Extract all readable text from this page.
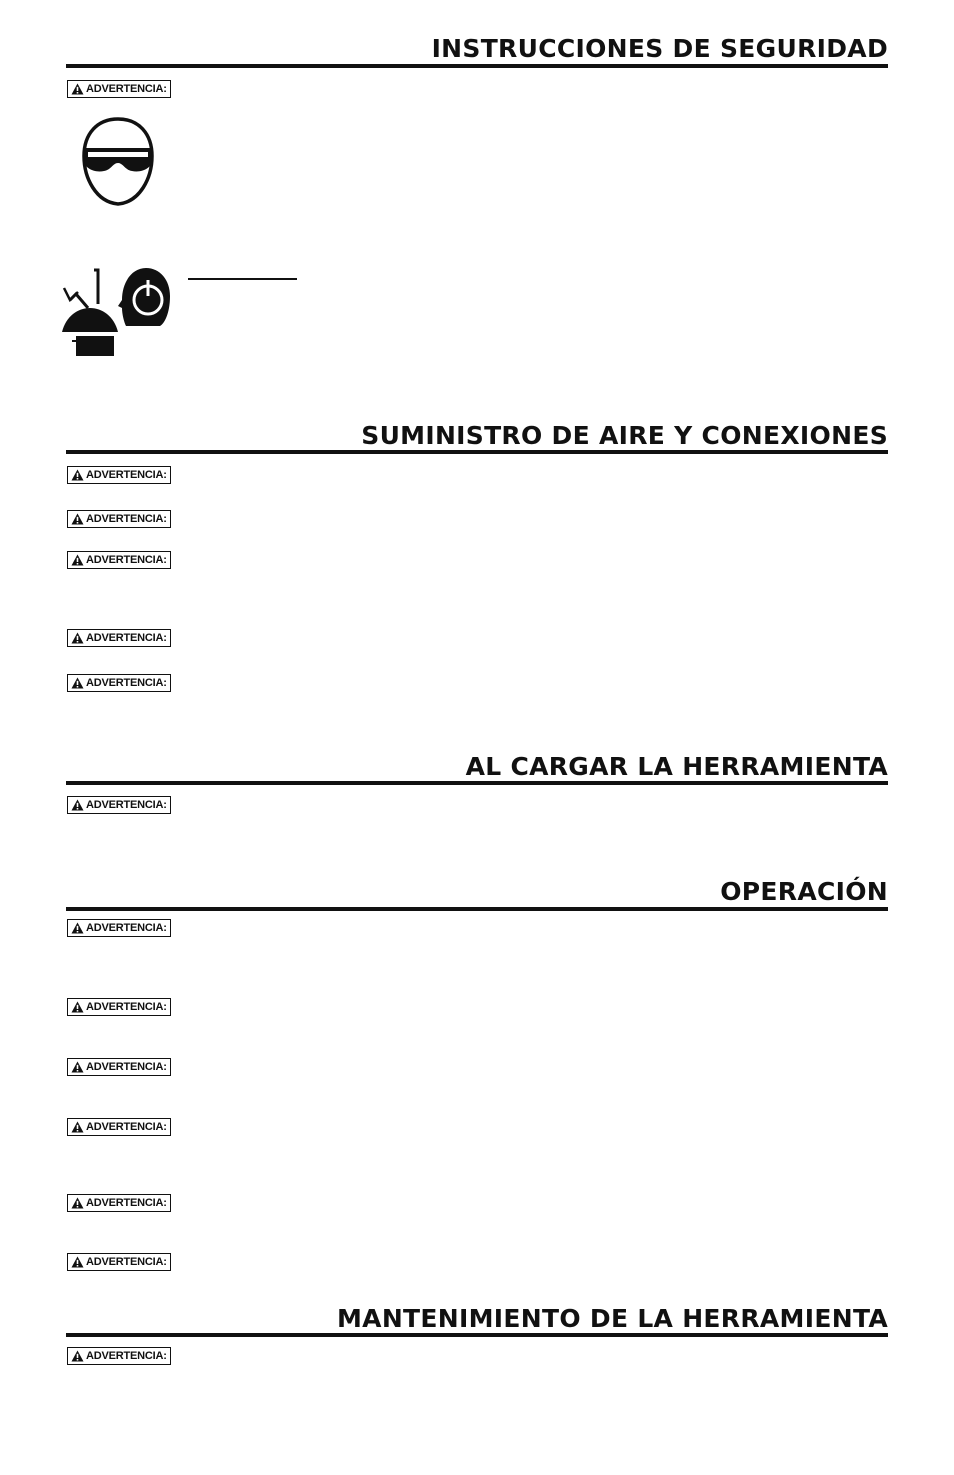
INSTRUCCIONES DE SEGURIDAD
SUMINISTRO DE AIRE Y CONEXIONES
AL CARGAR LA HERRAMIENTA
OPERACIÓN
MANTENIMIENTO DE LA HERRAMIENTA
ADVERTENCIA:
ADVERTENCIA:
ADVERTENCIA:
ADVERTENCIA:
ADVERTENCIA:
ADVERTENCIA:
ADVERTENCIA:
ADVERTENCIA:
ADVERTENCIA:
ADVERTENCIA:
ADVERTENCIA:
ADVERTENCIA:
ADVERTENCIA:
ADVERTENCIA:
